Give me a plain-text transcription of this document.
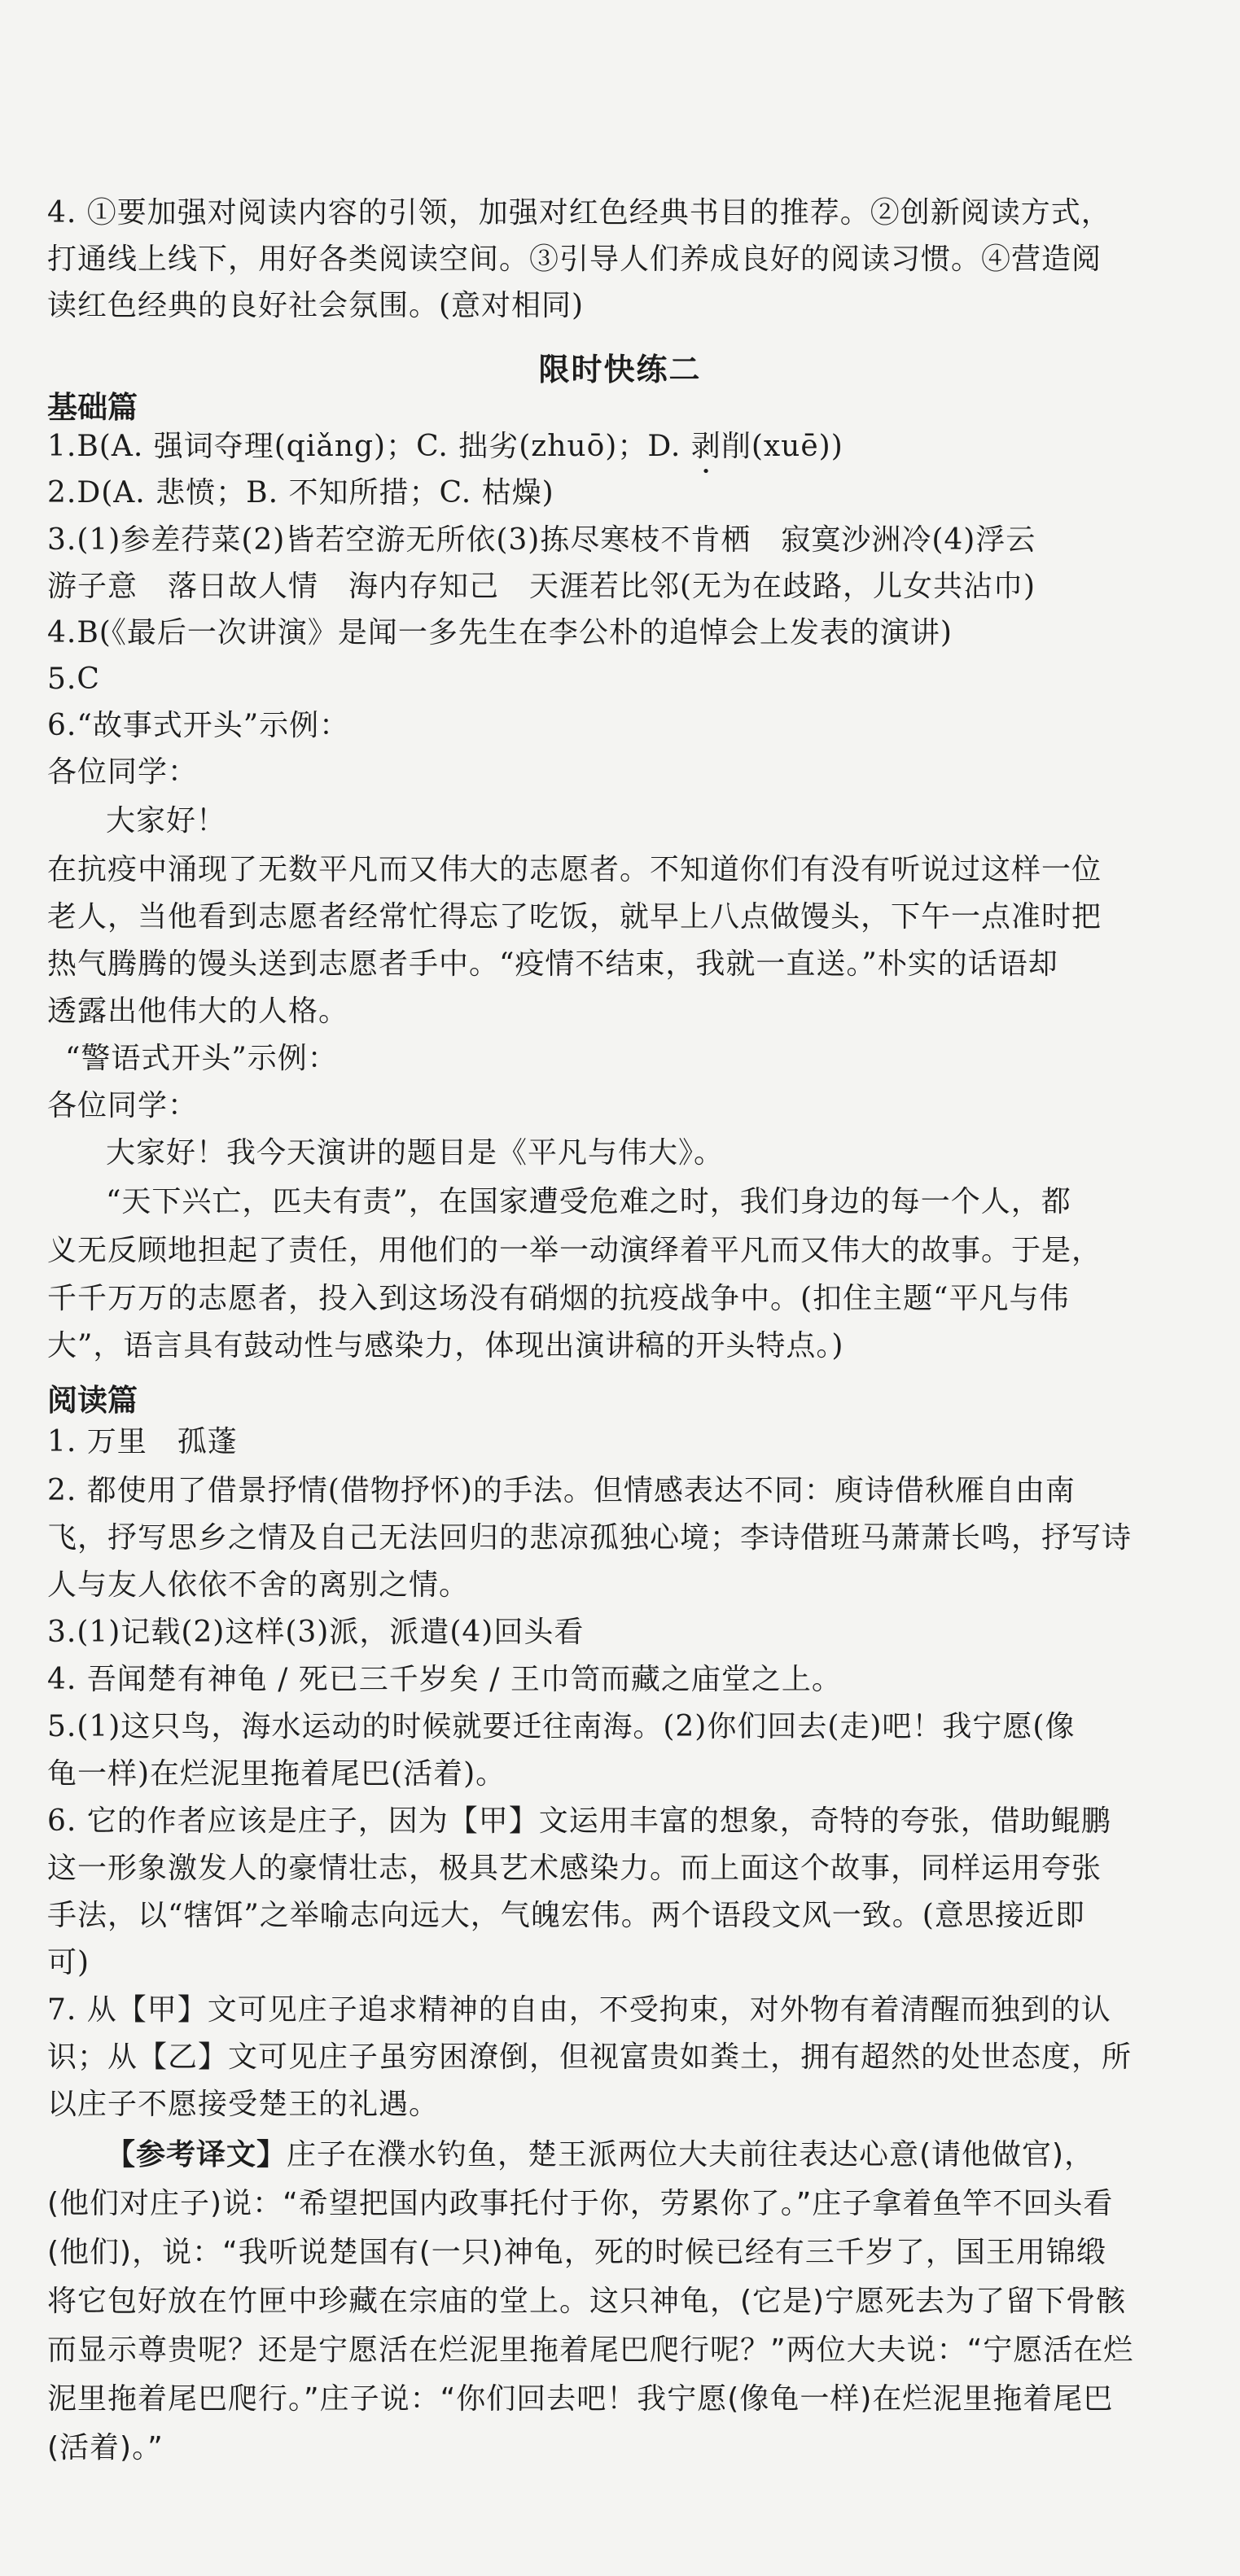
4. ①要加强对阅读内容的引领，加强对红色经典书目的推荐。②创新阅读方式，
打通线上线下，用好各类阅读空间。③引导人们养成良好的阅读习惯。④营造阅
读红色经典的良好社会氛围。(意对相同)
限时快练二
基础篇
1.B(A. 强词夺理(qiǎng)；C. 拙劣(zhuō)；D. 剥削(xuē))
2.D(A. 悲愤；B. 不知所措；C. 枯燥)
3.(1)参差荇菜(2)皆若空游无所依(3)拣尽寒枝不肯栖　寂寞沙洲冷(4)浮云
游子意　落日故人情　海内存知己　天涯若比邻(无为在歧路，儿女共沾巾)
4.B(《最后一次讲演》是闻一多先生在李公朴的追悼会上发表的演讲)
5.C
6.“故事式开头”示例：
各位同学：
大家好！
在抗疫中涌现了无数平凡而又伟大的志愿者。不知道你们有没有听说过这样一位
老人，当他看到志愿者经常忙得忘了吃饭，就早上八点做馒头，下午一点准时把
热气腾腾的馒头送到志愿者手中。“疫情不结束，我就一直送。”朴实的话语却
透露出他伟大的人格。
“警语式开头”示例：
各位同学：
大家好！我今天演讲的题目是《平凡与伟大》。
“天下兴亡，匹夫有责”，在国家遭受危难之时，我们身边的每一个人，都
义无反顾地担起了责任，用他们的一举一动演绎着平凡而又伟大的故事。于是，
千千万万的志愿者，投入到这场没有硝烟的抗疫战争中。(扣住主题“平凡与伟
大”，语言具有鼓动性与感染力，体现出演讲稿的开头特点。)
阅读篇
1. 万里　孤蓬
2. 都使用了借景抒情(借物抒怀)的手法。但情感表达不同：庾诗借秋雁自由南
飞，抒写思乡之情及自己无法回归的悲凉孤独心境；李诗借班马萧萧长鸣，抒写诗
人与友人依依不舍的离别之情。
3.(1)记载(2)这样(3)派，派遣(4)回头看
4. 吾闻楚有神龟 / 死已三千岁矣 / 王巾笥而藏之庙堂之上。
5.(1)这只鸟，海水运动的时候就要迁往南海。(2)你们回去(走)吧！我宁愿(像
龟一样)在烂泥里拖着尾巴(活着)。
6. 它的作者应该是庄子，因为【甲】文运用丰富的想象，奇特的夸张，借助鲲鹏
这一形象激发人的豪情壮志，极具艺术感染力。而上面这个故事，同样运用夸张
手法，以“犗饵”之举喻志向远大，气魄宏伟。两个语段文风一致。(意思接近即
可)
7. 从【甲】文可见庄子追求精神的自由，不受拘束，对外物有着清醒而独到的认
识；从【乙】文可见庄子虽穷困潦倒，但视富贵如粪土，拥有超然的处世态度，所
以庄子不愿接受楚王的礼遇。
【参考译文】庄子在濮水钓鱼，楚王派两位大夫前往表达心意(请他做官)，
(他们对庄子)说：“希望把国内政事托付于你，劳累你了。”庄子拿着鱼竿不回头看
(他们)，说：“我听说楚国有(一只)神龟，死的时候已经有三千岁了，国王用锦缎
将它包好放在竹匣中珍藏在宗庙的堂上。这只神龟，(它是)宁愿死去为了留下骨骸
而显示尊贵呢？还是宁愿活在烂泥里拖着尾巴爬行呢？”两位大夫说：“宁愿活在烂
泥里拖着尾巴爬行。”庄子说：“你们回去吧！我宁愿(像龟一样)在烂泥里拖着尾巴
(活着)。”
